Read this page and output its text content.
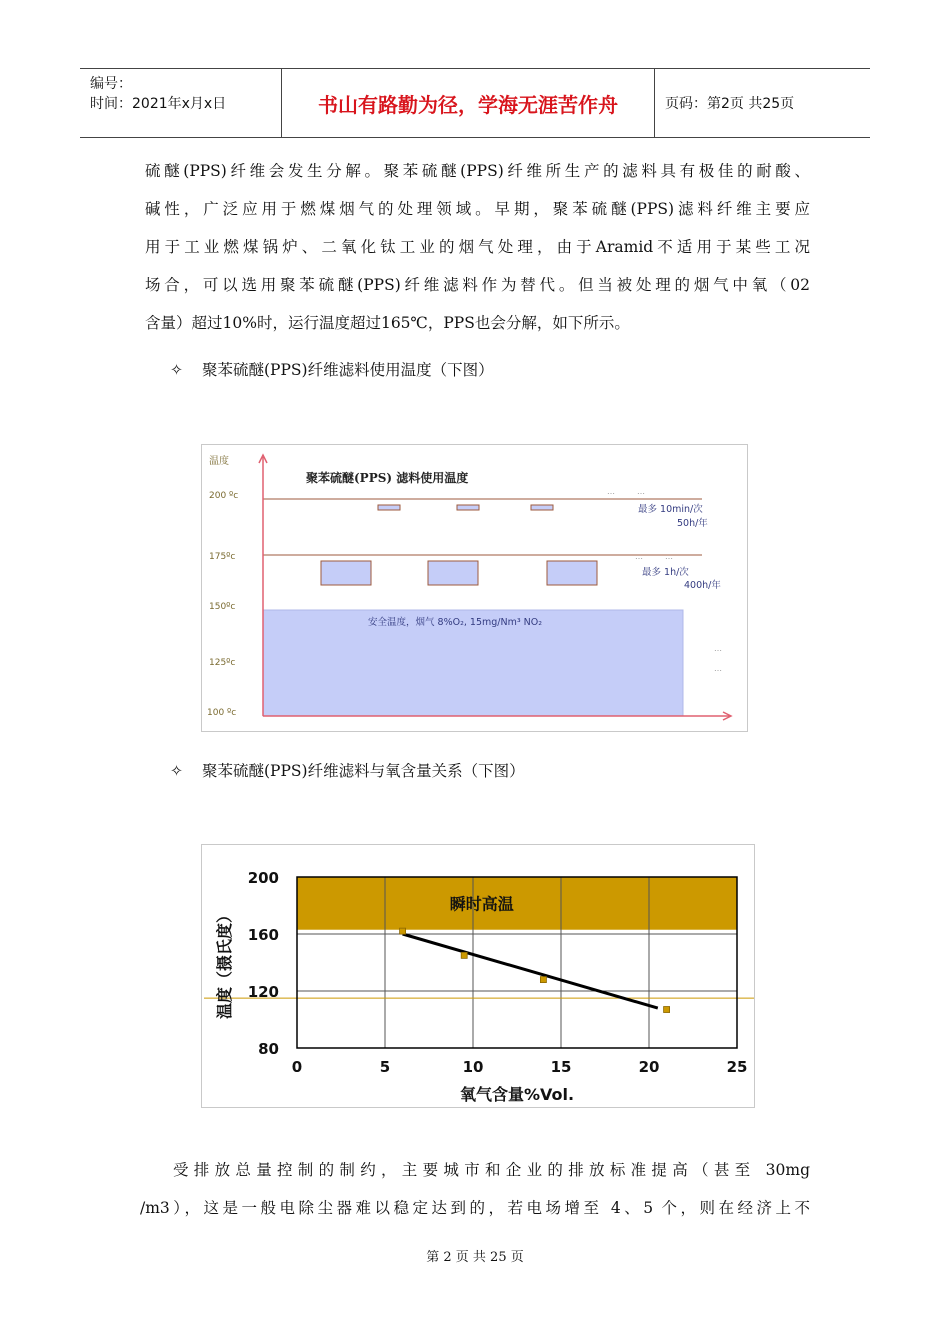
编号：
时间：2021年x月x日	书山有路勤为径，学海无涯苦作舟	页码：第2页 共25页

硫醚(PPS)纤维会发生分解。聚苯硫醚(PPS)纤维所生产的滤料具有极佳的耐酸、

碱性，广泛应用于燃煤烟气的处理领域。早期，聚苯硫醚(PPS)滤料纤维主要应

用于工业燃煤锅炉、二氧化钛工业的烟气处理，由于Aramid不适用于某些工况

场合，可以选用聚苯硫醚(PPS)纤维滤料作为替代。但当被处理的烟气中氧（02

含量）超过10%时，运行温度超过165℃，PPS也会分解，如下所示。

✧ 聚苯硫醚(PPS)纤维滤料使用温度（下图）
温度
聚苯硫醚(PPS) 滤料使用温度
200 ºc
175ºc
150ºc
125ºc
100 ºc
最多 10min/次
50h/年
最多 1h/次
400h/年
安全温度，烟气 8%O₂, 15mg/Nm³ NO₂
…	…
…	…
…
…
✧ 聚苯硫醚(PPS)纤维滤料与氧含量关系（下图）
0	5	10	15	20	25
80
120
160
200
瞬时高温
氧气含量%Vol.
温度（摄氏度）

受排放总量控制的制约，主要城市和企业的排放标准提高（甚至 30mg

/m3），这是一般电除尘器难以稳定达到的，若电场增至 4、5 个，则在经济上不

第 2 页 共 25 页
